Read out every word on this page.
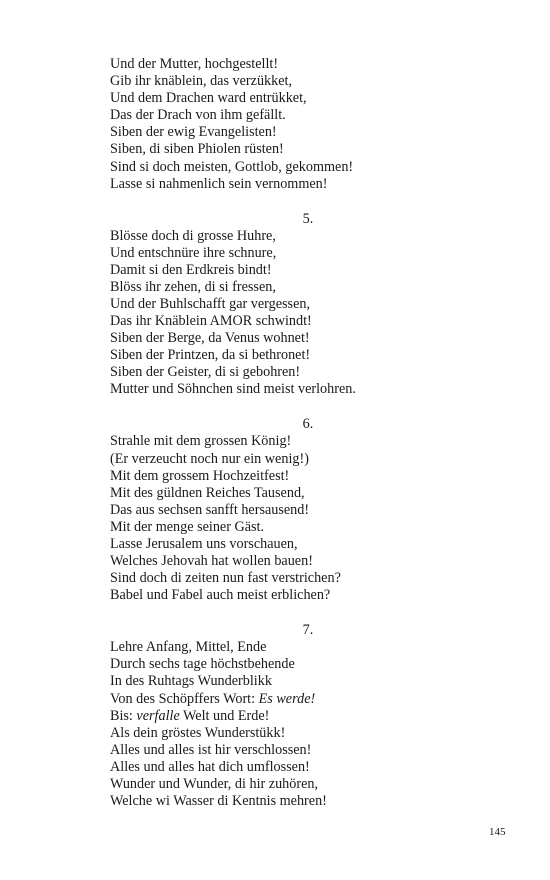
Und der Mutter, hochgestellt!
Gib ihr knäblein, das verzükket,
Und dem Drachen ward entrükket,
Das der Drach von ihm gefällt.
Siben der ewig Evangelisten!
Siben, di siben Phiolen rüsten!
Sind si doch meisten, Gottlob, gekommen!
Lasse si nahmenlich sein vernommen!
5.
Blösse doch di grosse Huhre,
Und entschnüre ihre schnure,
Damit si den Erdkreis bindt!
Blöss ihr zehen, di si fressen,
Und der Buhlschafft gar vergessen,
Das ihr Knäblein AMOR schwindt!
Siben der Berge, da Venus wohnet!
Siben der Printzen, da si bethronet!
Siben der Geister, di si gebohren!
Mutter und Söhnchen sind meist verlohren.
6.
Strahle mit dem grossen König!
(Er verzeucht noch nur ein wenig!)
Mit dem grossem Hochzeitfest!
Mit des güldnen Reiches Tausend,
Das aus sechsen sanfft hersausend!
Mit der menge seiner Gäst.
Lasse Jerusalem uns vorschauen,
Welches Jehovah hat wollen bauen!
Sind doch di zeiten nun fast verstrichen?
Babel und Fabel auch meist erblichen?
7.
Lehre Anfang, Mittel, Ende
Durch sechs tage höchstbehende
In des Ruhtags Wunderblikk
Von des Schöpffers Wort: Es werde!
Bis: verfalle Welt und Erde!
Als dein gröstes Wunderstükk!
Alles und alles ist hir verschlossen!
Alles und alles hat dich umflossen!
Wunder und Wunder, di hir zuhören,
Welche wi Wasser di Kentnis mehren!
145
